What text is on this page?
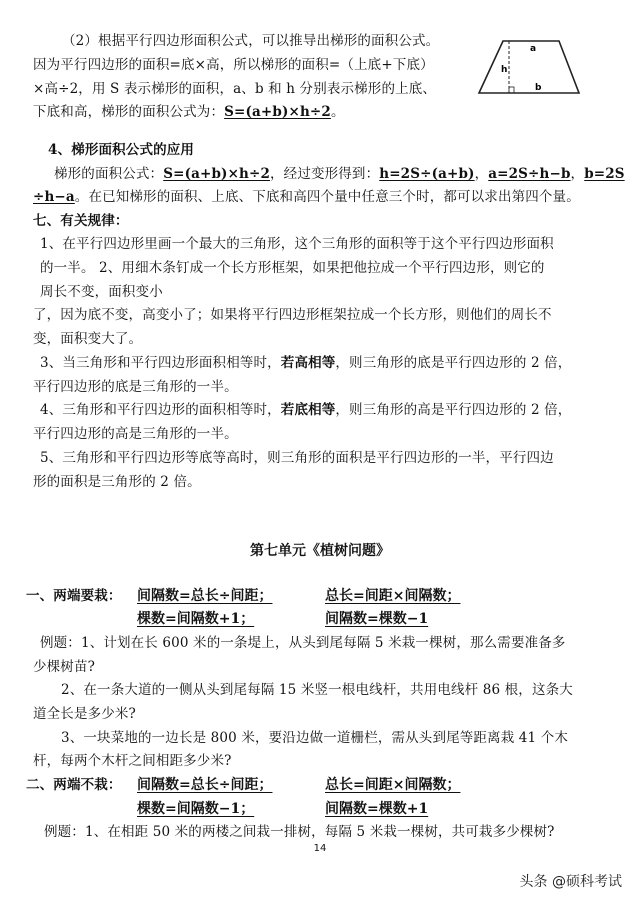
a
h
b
（2）根据平行四边形面积公式，可以推导出梯形的面积公式。
因为平行四边形的面积=底×高，所以梯形的面积=（上底+下底）
×高÷2，用 S 表示梯形的面积，a、b 和 h 分别表示梯形的上底、
下底和高，梯形的面积公式为：S=(a+b)×h÷2。
4、梯形面积公式的应用
梯形的面积公式：S=(a+b)×h÷2，经过变形得到：h=2S÷(a+b)，a=2S÷h−b，b=2S
÷h−a。在已知梯形的面积、上底、下底和高四个量中任意三个时，都可以求出第四个量。
七、有关规律：
1、在平行四边形里画一个最大的三角形，这个三角形的面积等于这个平行四边形面积
的一半。 2、用细木条钉成一个长方形框架，如果把他拉成一个平行四边形，则它的
周长不变，面积变小
了，因为底不变，高变小了；如果将平行四边形框架拉成一个长方形，则他们的周长不
变，面积变大了。
3、当三角形和平行四边形面积相等时，若高相等，则三角形的底是平行四边形的 2 倍，
平行四边形的底是三角形的一半。
4、三角形和平行四边形的面积相等时，若底相等，则三角形的高是平行四边形的 2 倍，
平行四边形的高是三角形的一半。
5、三角形和平行四边形等底等高时，则三角形的面积是平行四边形的一半，平行四边
形的面积是三角形的 2 倍。
第七单元《植树问题》
一、两端要栽： 间隔数=总长÷间距；	总长=间距×间隔数；
棵数=间隔数+1；	间隔数=棵数−1
例题：1、计划在长 600 米的一条堤上，从头到尾每隔 5 米栽一棵树，那么需要准备多
少棵树苗?
2、在一条大道的一侧从头到尾每隔 15 米竖一根电线杆，共用电线杆 86 根，这条大
道全长是多少米?
3、一块菜地的一边长是 800 米，要沿边做一道栅栏，需从头到尾等距离栽 41 个木
杆，每两个木杆之间相距多少米?
二、两端不栽： 间隔数=总长÷间距；	总长=间距×间隔数；
棵数=间隔数−1；	间隔数=棵数+1
例题：1、在相距 50 米的两楼之间栽一排树，每隔 5 米栽一棵树，共可栽多少棵树?
14
头条 @硕科考试
